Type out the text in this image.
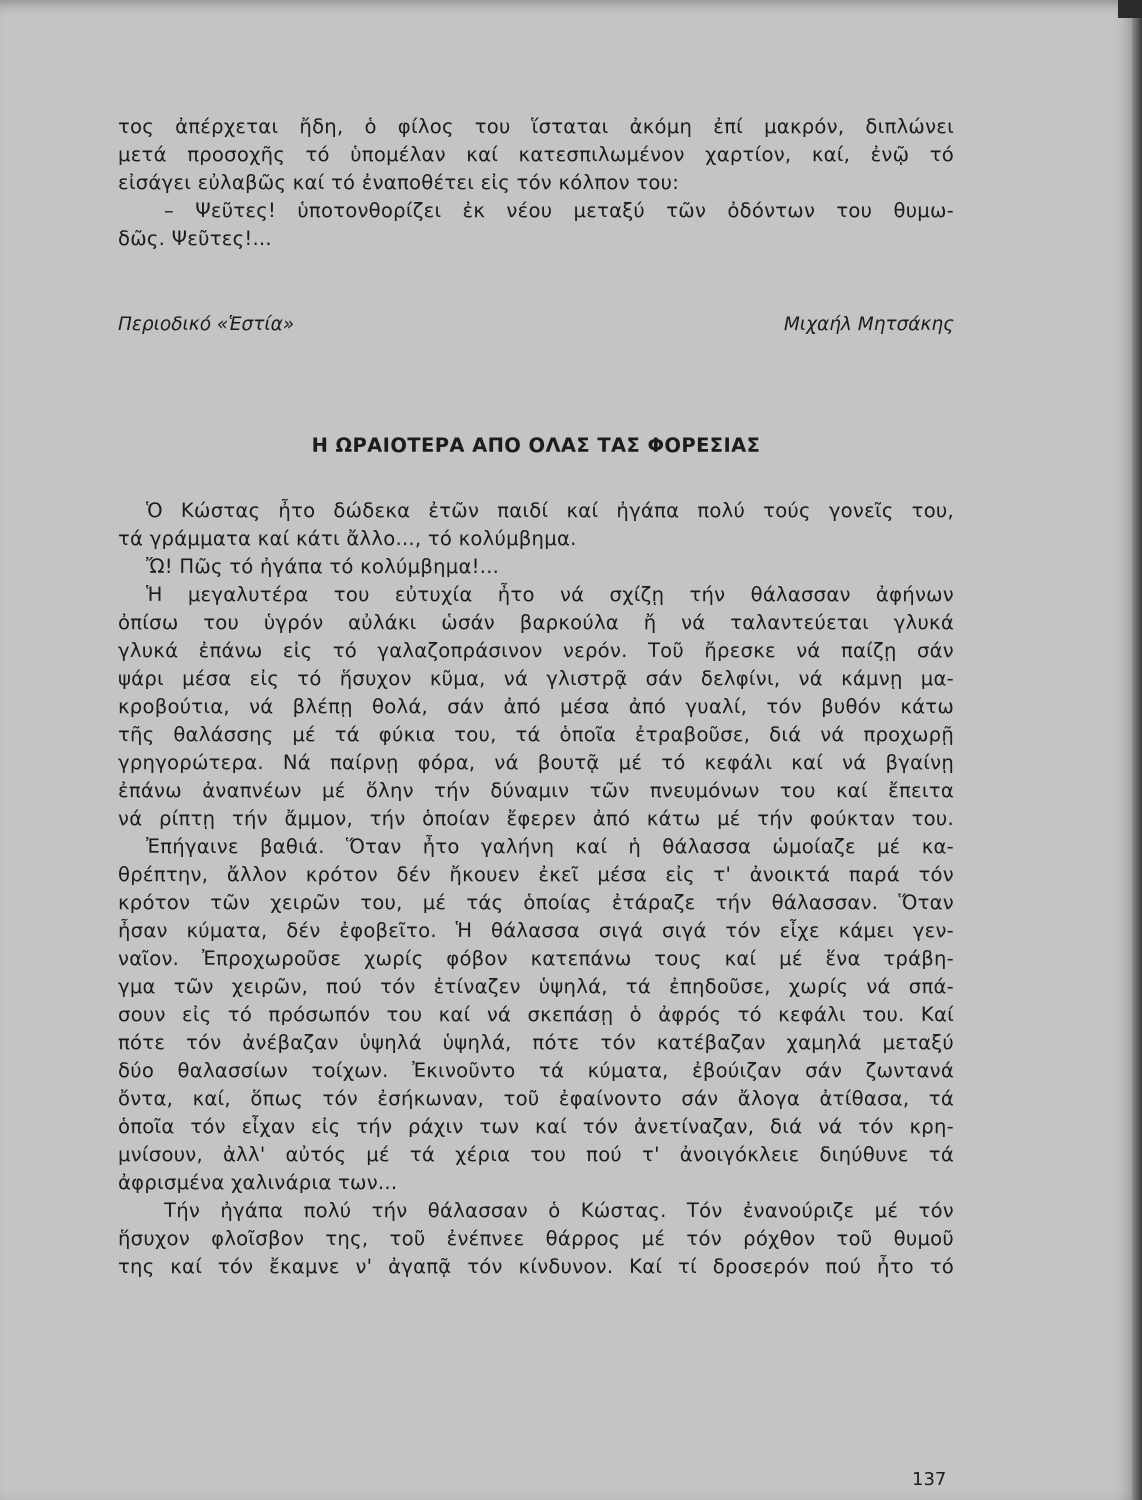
τος ἀπέρχεται ἤδη, ὁ φίλος του ἵσταται ἀκόμη ἐπί μακρόν, διπλώνει
μετά προσοχῆς τό ὑπομέλαν καί κατεσπιλωμένον χαρτίον, καί, ἐνῷ τό
εἰσάγει εὐλαβῶς καί τό ἐναποθέτει εἰς τόν κόλπον του:
– Ψεῦτες! ὑποτονθορίζει ἐκ νέου μεταξύ τῶν ὀδόντων του θυμω-
δῶς. Ψεῦτες!...
Περιοδικό «Ἑστία»	Μιχαήλ Μητσάκης
Η ΩΡΑΙΟΤΕΡΑ ΑΠΟ ΟΛΑΣ ΤΑΣ ΦΟΡΕΣΙΑΣ
Ὁ Κώστας ἦτο δώδεκα ἐτῶν παιδί καί ἠγάπα πολύ τούς γονεῖς του,
τά γράμματα καί κάτι ἄλλο..., τό κολύμβημα.
Ὤ! Πῶς τό ἠγάπα τό κολύμβημα!...
Ἡ μεγαλυτέρα του εὐτυχία ἦτο νά σχίζῃ τήν θάλασσαν ἀφήνων
ὀπίσω του ὑγρόν αὐλάκι ὡσάν βαρκούλα ἤ νά ταλαντεύεται γλυκά
γλυκά ἐπάνω εἰς τό γαλαζοπράσινον νερόν. Τοῦ ἤρεσκε νά παίζῃ σάν
ψάρι μέσα εἰς τό ἥσυχον κῦμα, νά γλιστρᾷ σάν δελφίνι, νά κάμνῃ μα-
κροβούτια, νά βλέπῃ θολά, σάν ἀπό μέσα ἀπό γυαλί, τόν βυθόν κάτω
τῆς θαλάσσης μέ τά φύκια του, τά ὁποῖα ἐτραβοῦσε, διά νά προχωρῇ
γρηγορώτερα. Νά παίρνῃ φόρα, νά βουτᾷ μέ τό κεφάλι καί νά βγαίνῃ
ἐπάνω ἀναπνέων μέ ὅλην τήν δύναμιν τῶν πνευμόνων του καί ἔπειτα
νά ρίπτῃ τήν ἄμμον, τήν ὁποίαν ἔφερεν ἀπό κάτω μέ τήν φούκταν του.
Ἐπήγαινε βαθιά. Ὅταν ἦτο γαλήνη καί ἡ θάλασσα ὡμοίαζε μέ κα-
θρέπτην, ἄλλον κρότον δέν ἤκουεν ἐκεῖ μέσα εἰς τ' ἀνοικτά παρά τόν
κρότον τῶν χειρῶν του, μέ τάς ὁποίας ἐτάραζε τήν θάλασσαν. Ὅταν
ἦσαν κύματα, δέν ἐφοβεῖτο. Ἡ θάλασσα σιγά σιγά τόν εἶχε κάμει γεν-
ναῖον. Ἐπροχωροῦσε χωρίς φόβον κατεπάνω τους καί μέ ἕνα τράβη-
γμα τῶν χειρῶν, πού τόν ἐτίναζεν ὑψηλά, τά ἐπηδοῦσε, χωρίς νά σπά-
σουν εἰς τό πρόσωπόν του καί νά σκεπάσῃ ὁ ἀφρός τό κεφάλι του. Καί
πότε τόν ἀνέβαζαν ὑψηλά ὑψηλά, πότε τόν κατέβαζαν χαμηλά μεταξύ
δύο θαλασσίων τοίχων. Ἐκινοῦντο τά κύματα, ἐβούιζαν σάν ζωντανά
ὄντα, καί, ὅπως τόν ἐσήκωναν, τοῦ ἐφαίνοντο σάν ἄλογα ἀτίθασα, τά
ὁποῖα τόν εἶχαν εἰς τήν ράχιν των καί τόν ἀνετίναζαν, διά νά τόν κρη-
μνίσουν, ἀλλ' αὐτός μέ τά χέρια του πού τ' ἀνοιγόκλειε διηύθυνε τά
ἀφρισμένα χαλινάρια των...
Τήν ἠγάπα πολύ τήν θάλασσαν ὁ Κώστας. Τόν ἐνανούριζε μέ τόν
ἥσυχον φλοῖσβον της, τοῦ ἐνέπνεε θάρρος μέ τόν ρόχθον τοῦ θυμοῦ
της καί τόν ἔκαμνε ν' ἀγαπᾷ τόν κίνδυνον. Καί τί δροσερόν πού ἦτο τό
137
